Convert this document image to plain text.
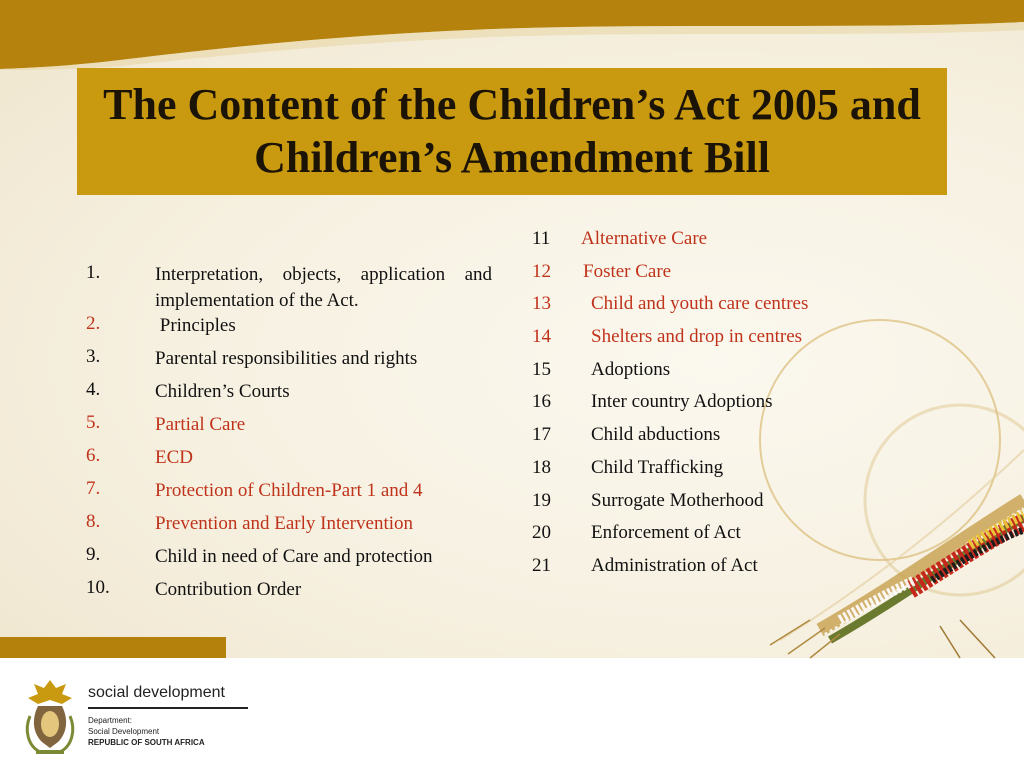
The Content of the Children’s Act 2005 and Children’s Amendment Bill
1.	Interpretation, objects, application and implementation of the Act.
2.	Principles
3.	Parental responsibilities and rights
4.	Children’s Courts
5.	Partial Care
6.	ECD
7.	Protection of Children-Part 1 and 4
8.	Prevention and Early Intervention
9.	Child in need of Care and protection
10. Contribution Order
11 Alternative Care
12 Foster Care
13 Child and youth care centres
14 Shelters and drop in centres
15 Adoptions
16 Inter country Adoptions
17 Child abductions
18 Child Trafficking
19 Surrogate Motherhood
20 Enforcement of Act
21 Administration of Act
social development
Department:
Social Development
REPUBLIC OF SOUTH AFRICA
